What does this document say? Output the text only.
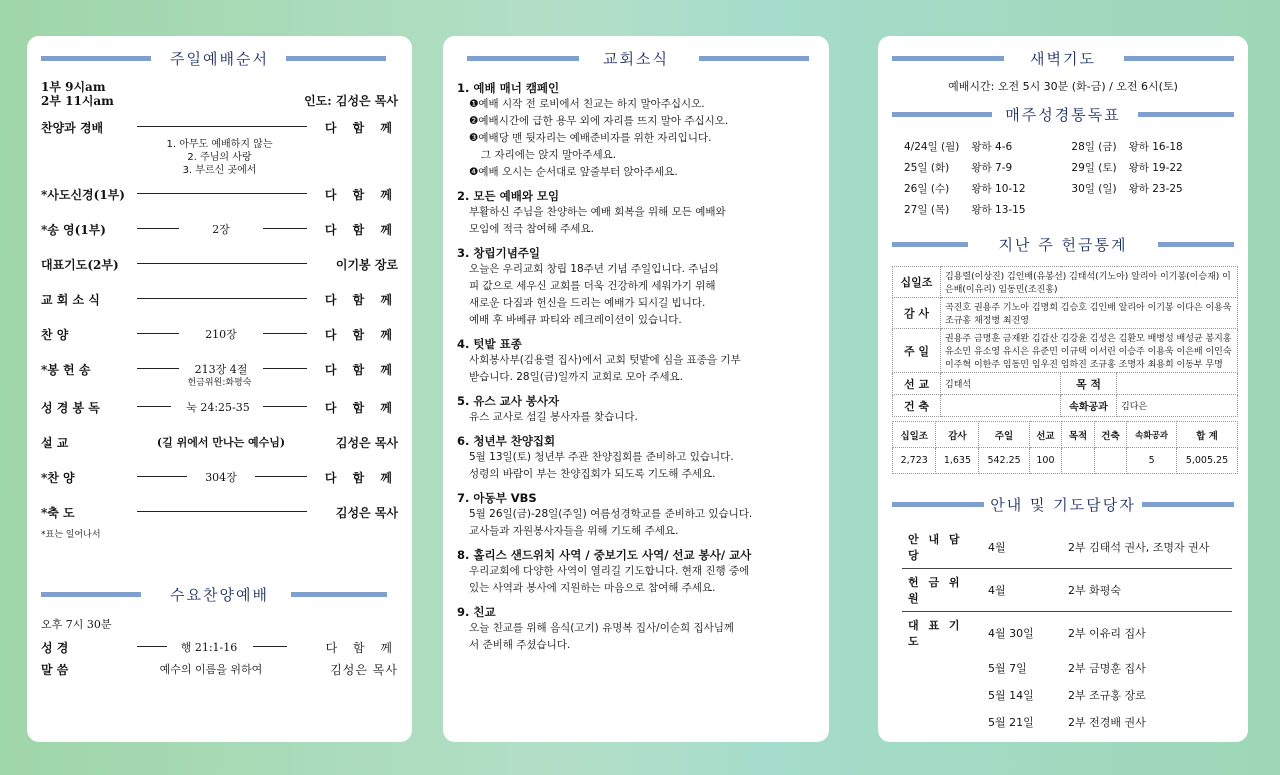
주일예배순서
1부 9시am
2부 11시am	인도: 김성은 목사
찬양과 경배	다 함 께
1. 아무도 예배하지 않는
2. 주님의 사랑
3. 부르신 곳에서
*사도신경(1부)	다 함 께
*송 영(1부)	2장	다 함 께
대표기도(2부)	이기봉 장로
교 회 소 식	다 함 께
찬 양	210장	다 함 께
*봉 헌 송	213장 4절	다 함 께
헌금위원:화평숙
성 경 봉 독	눅 24:25-35	다 함 께
설 교	(길 위에서 만나는 예수님)	김성은 목사
*찬 양	304장	다 함 께
*축 도	김성은 목사
*표는 일어나서
수요찬양예배
오후 7시 30분
성 경	행 21:1-16	다 함 께
말 씀	예수의 이름을 위하여	김성은 목사
교회소식
1. 예배 매너 캠페인

❶예배 시작 전 로비에서 친교는 하지 말아주십시오.

❷예배시간에 급한 용무 외에 자리를 뜨지 말아 주십시오.

❸예배당 맨 뒷자리는 예배준비자를 위한 자리입니다.

그 자리에는 앉지 말아주세요.

❹예배 오시는 순서대로 앞줄부터 앉아주세요.

2. 모든 예배와 모임

부활하신 주님을 찬양하는 예배 회복을 위해 모든 예배와

모임에 적극 참여해 주세요.

3. 창립기념주일

오늘은 우리교회 창립 18주년 기념 주일입니다. 주님의

피 값으로 세우신 교회를 더욱 건강하게 세워가기 위해

새로운 다짐과 헌신을 드리는 예배가 되시길 빕니다.

예배 후 바베큐 파티와 레크레이션이 있습니다.

4. 텃밭 표종

사회봉사부(김용렬 집사)에서 교회 텃밭에 심을 표종을 기부

받습니다. 28일(금)일까지 교회로 모아 주세요.

5. 유스 교사 봉사자

유스 교사로 섬길 봉사자를 찾습니다.

6. 청년부 찬양집회

5월 13일(토) 청년부 주관 찬양집회를 준비하고 있습니다.

성령의 바람이 부는 찬양집회가 되도록 기도해 주세요.

7. 아동부 VBS

5월 26일(금)-28일(주일) 여름성경학교를 준비하고 있습니다.

교사들과 자원봉사자들을 위해 기도해 주세요.

8. 홀리스 샌드위치 사역 / 중보기도 사역/ 선교 봉사/ 교사

우리교회에 다양한 사역이 열리길 기도합니다. 현재 진행 중에

있는 사역과 봉사에 지원하는 마음으로 참여해 주세요.

9. 친교

오늘 친교를 위해 음식(고기) 유명복 집사/이순희 집사님께

서 준비해 주셨습니다.

새벽기도
예배시간: 오전 5시 30분 (화-금) / 오전 6시(토)
매주성경통독표
4/24일 (월)	왕하 4-6	28일 (금)	왕하 16-18
25일 (화)	왕하 7-9	29일 (토)	왕하 19-22
26일 (수)	왕하 10-12	30일 (일)	왕하 23-25
27일 (목)	왕하 13-15		
지난 주 헌금통계
십일조	김용렬(이상진) 김인배(유봉선) 김태석(기노아) 알리아 이기봉(이승재) 이은배(이유리) 임동민(조진홍)		
감 사	곡진호 권용주 기노아 김명희 김승호 김인배 알리아 이기봉 이다은 이용욱 조규홍 채정병 최진영		
주 일	권용주 금명훈 금재완 김갑산 김강윤 김성은 김환모 배병성 배성균 봉지홍 유소민 유소영 유시은 유준민 이규택 이서린 이승주 이용욱 이은배 이인숙 이주혁 이한주 임동민 임우진 임하진 조규홍 조명자 최용희 이동부 무명		
선 교	김태석	목 적	
건 축		속화공과	김다은
십일조	감사	주일	선교	목적	건축	속화공과	합 계
2,723	1,635	542.25	100			5	5,005.25
안내 및 기도담당자
안 내 담 당	4월	2부 김태석 권사, 조명자 권사
헌 금 위 원	4월	2부 화평숙
대 표 기 도	4월 30일	2부 이유리 집사
	5월 7일	2부 금명훈 집사
	5월 14일	2부 조규홍 장로
	5월 21일	2부 전경배 권사
